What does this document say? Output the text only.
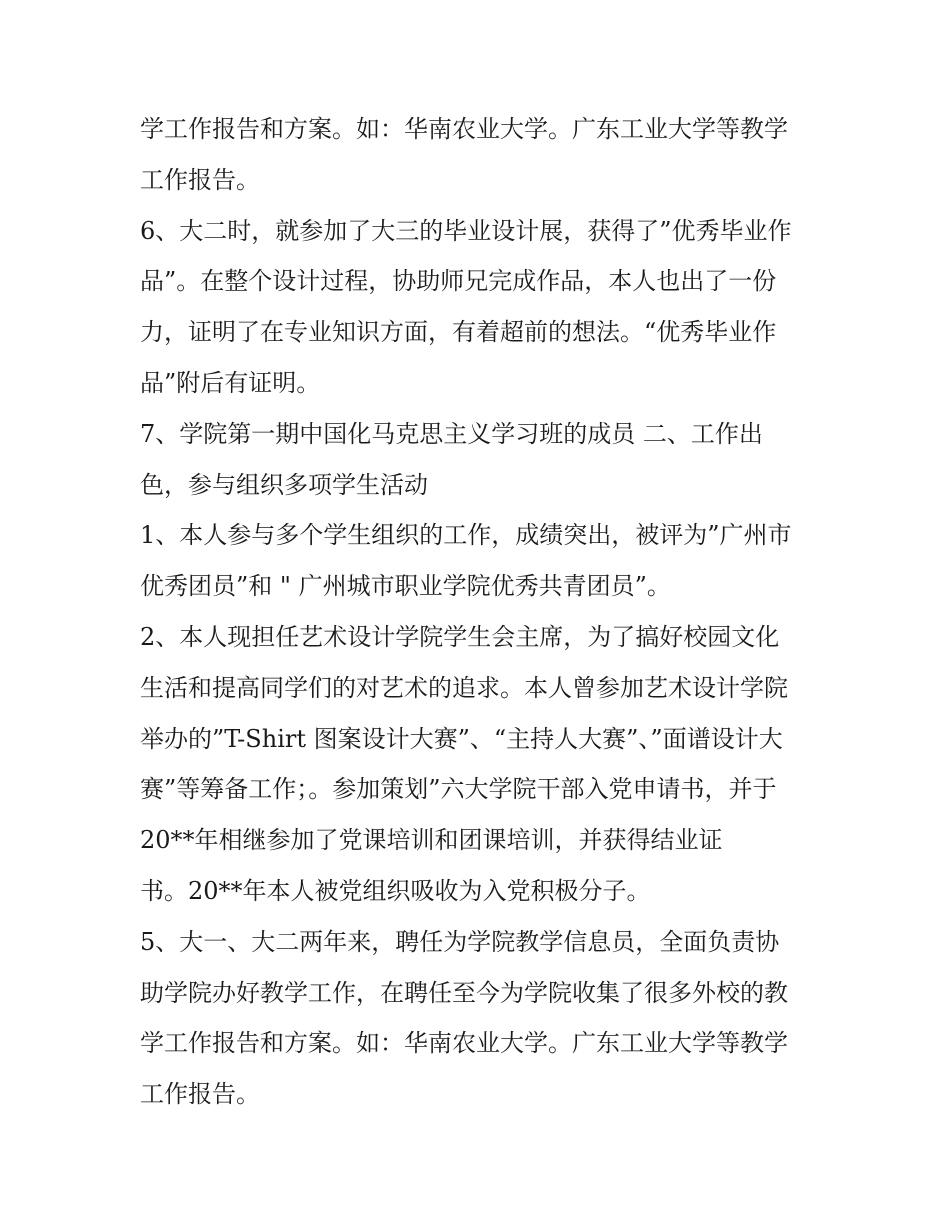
学工作报告和方案。如：华南农业大学。广东工业大学等教学
工作报告。
6、大二时，就参加了大三的毕业设计展，获得了”优秀毕业作
品”。在整个设计过程，协助师兄完成作品，本人也出了一份
力，证明了在专业知识方面，有着超前的想法。“优秀毕业作
品”附后有证明。
7、学院第一期中国化马克思主义学习班的成员 二、工作出
色，参与组织多项学生活动
1、本人参与多个学生组织的工作，成绩突出，被评为”广州市
优秀团员”和 " 广州城市职业学院优秀共青团员”。
2、本人现担任艺术设计学院学生会主席，为了搞好校园文化
生活和提高同学们的对艺术的追求。本人曾参加艺术设计学院
举办的”T-Shirt 图案设计大赛”、“主持人大赛”、”面谱设计大
赛”等筹备工作；。参加策划”六大学院干部入党申请书，并于
20**年相继参加了党课培训和团课培训，并获得结业证
书。20**年本人被党组织吸收为入党积极分子。
5、大一、大二两年来，聘任为学院教学信息员，全面负责协
助学院办好教学工作，在聘任至今为学院收集了很多外校的教
学工作报告和方案。如：华南农业大学。广东工业大学等教学
工作报告。
